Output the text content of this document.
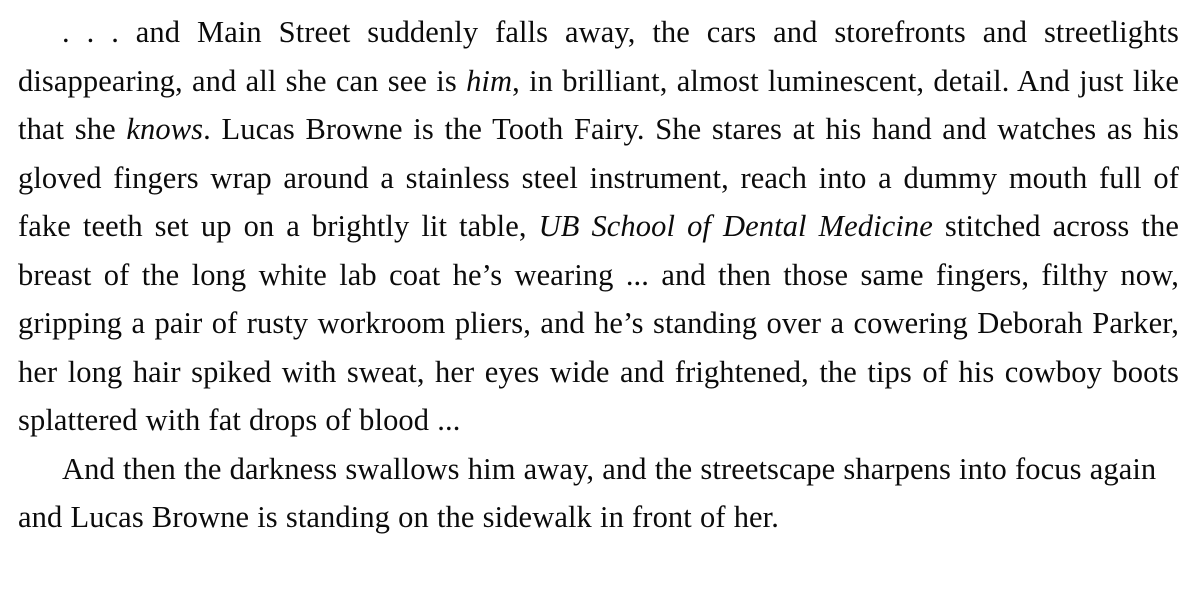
. . . and Main Street suddenly falls away, the cars and storefronts and streetlights disappearing, and all she can see is him, in brilliant, almost luminescent, detail. And just like that she knows. Lucas Browne is the Tooth Fairy. She stares at his hand and watches as his gloved fingers wrap around a stainless steel instrument, reach into a dummy mouth full of fake teeth set up on a brightly lit table, UB School of Dental Medicine stitched across the breast of the long white lab coat he’s wearing ... and then those same fingers, filthy now, gripping a pair of rusty workroom pliers, and he’s standing over a cowering Deborah Parker, her long hair spiked with sweat, her eyes wide and frightened, the tips of his cowboy boots splattered with fat drops of blood ...

And then the darkness swallows him away, and the streetscape sharpens into focus again and Lucas Browne is standing on the sidewalk in front of her.
